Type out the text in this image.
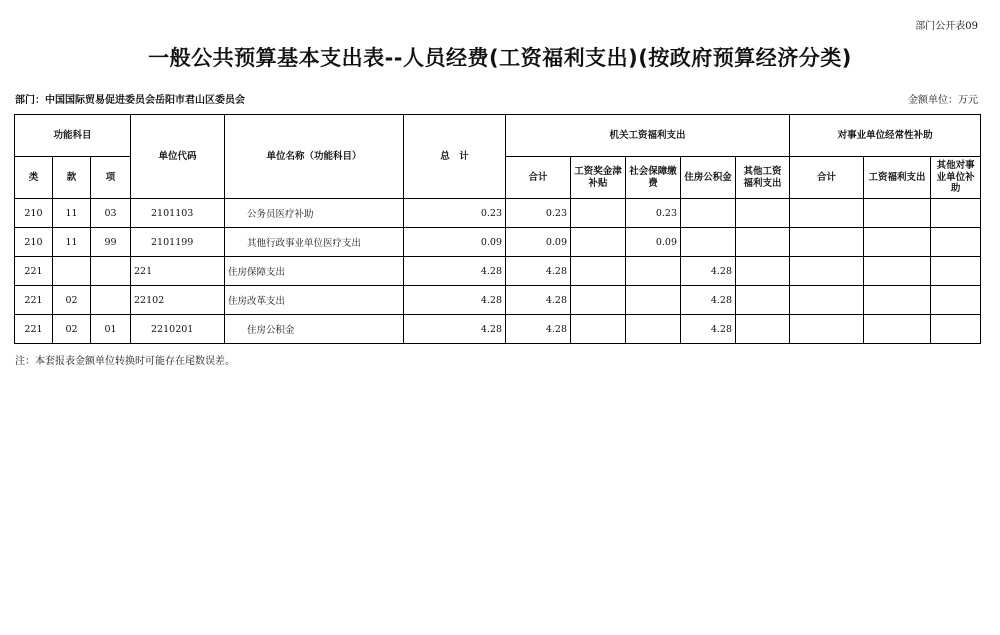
部门公开表09
一般公共预算基本支出表--人员经费(工资福利支出)(按政府预算经济分类)
部门：中国国际贸易促进委员会岳阳市君山区委员会	金额单位：万元
功能科目			单位代码	单位名称（功能科目）	总　计	机关工资福利支出					对事业单位经常性补助		
类	款	项				合计	工资奖金津补贴	社会保障缴费	住房公积金	其他工资福利支出	合计	工资福利支出	其他对事业单位补助
210	11	03	2101103	公务员医疗补助	0.23	0.23		0.23					
210	11	99	2101199	其他行政事业单位医疗支出	0.09	0.09		0.09					
221			221	住房保障支出	4.28	4.28			4.28				
221	02		22102	住房改革支出	4.28	4.28			4.28				
221	02	01	2210201	住房公积金	4.28	4.28			4.28				
注：本套报表金额单位转换时可能存在尾数误差。
